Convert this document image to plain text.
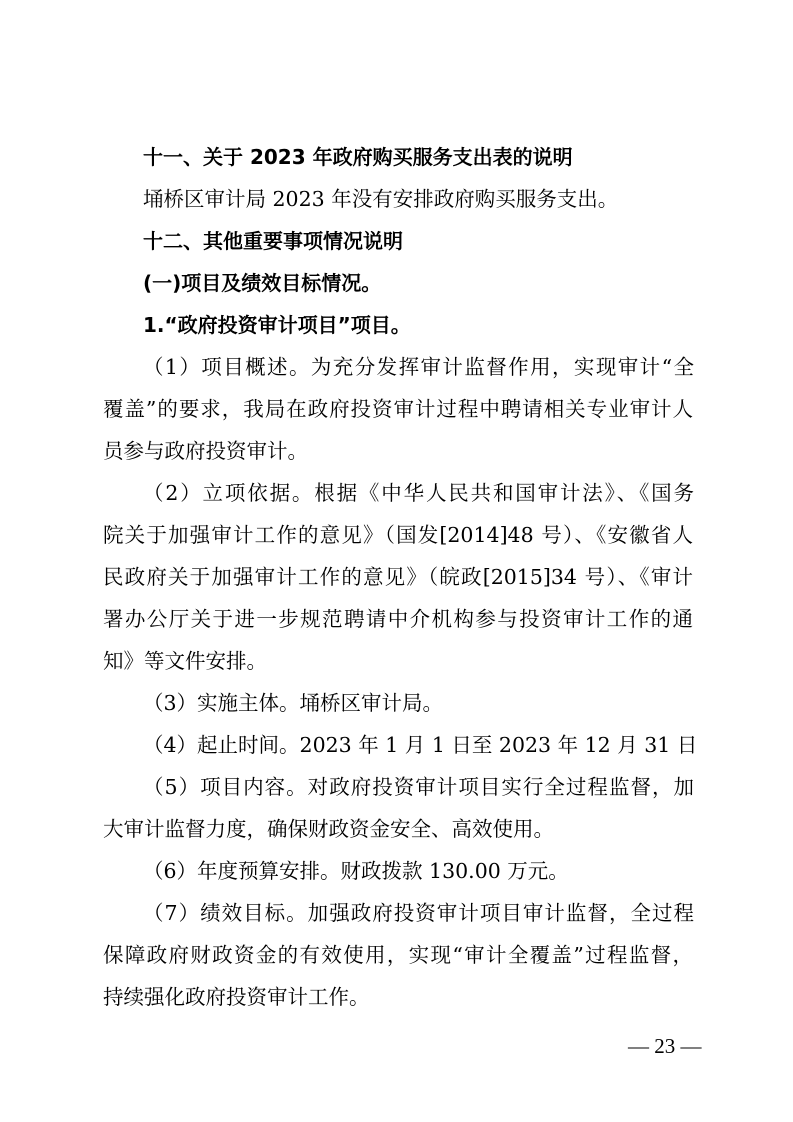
十一、关于 2023 年政府购买服务支出表的说明
埇桥区审计局 2023 年没有安排政府购买服务支出。
十二、其他重要事项情况说明
(一)项目及绩效目标情况。
1.“政府投资审计项目”项目。
（1）项目概述。为充分发挥审计监督作用，实现审计“全
覆盖”的要求，我局在政府投资审计过程中聘请相关专业审计人
员参与政府投资审计。
（2）立项依据。根据《中华人民共和国审计法》、《国务
院关于加强审计工作的意见》（国发[2014]48 号）、《安徽省人
民政府关于加强审计工作的意见》（皖政[2015]34 号）、《审计
署办公厅关于进一步规范聘请中介机构参与投资审计工作的通
知》等文件安排。
（3）实施主体。埇桥区审计局。
（4）起止时间。2023 年 1 月 1 日至 2023 年 12 月 31 日
（5）项目内容。对政府投资审计项目实行全过程监督，加
大审计监督力度，确保财政资金安全、高效使用。
（6）年度预算安排。财政拨款 130.00 万元。
（7）绩效目标。加强政府投资审计项目审计监督，全过程
保障政府财政资金的有效使用，实现“审计全覆盖”过程监督，
持续强化政府投资审计工作。
— 23 —
